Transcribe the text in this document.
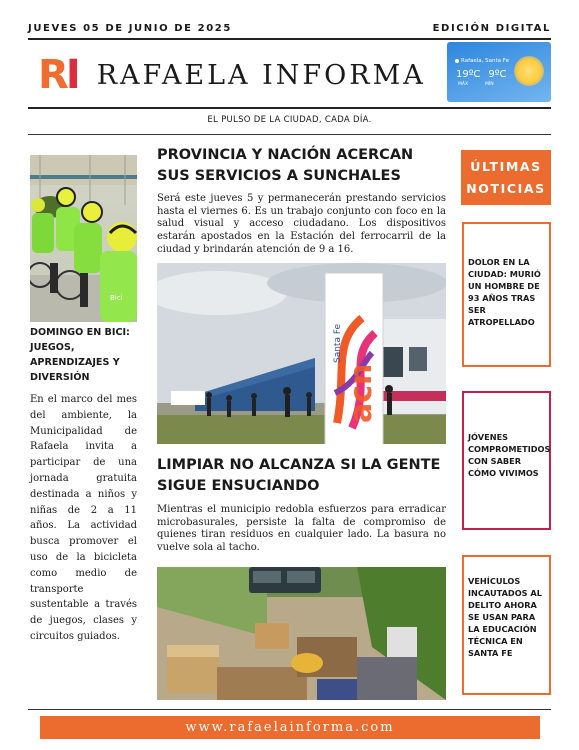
JUEVES 05 DE JUNIO DE 2025	EDICIÓN DIGITAL
R I RAFAELA INFORMA	Rafaela, Santa Fe
19ºC 9ºC
MÁX	MÍN
EL PULSO DE LA CIUDAD, CADA DÍA.
Bici
DOMINGO EN BICI: JUEGOS, APRENDIZAJES Y DIVERSIÓN
En el marco del mes del ambiente, la Municipalidad de Rafaela invita a participar de una jornada gratuita destinada a niños y niñas de 2 a 11 años. La actividad busca promover el uso de la bicicleta como medio de transporte sustentable a través de juegos, clases y circuitos guiados.
PROVINCIA Y NACIÓN ACERCAN SUS SERVICIOS A SUNCHALES
Será este jueves 5 y permanecerán prestando servicios hasta el viernes 6. Es un trabajo conjunto con foco en la salud visual y acceso ciudadano. Los dispositivos estarán apostados en la Estación del ferrocarril de la ciudad y brindarán atención de 9 a 16.
Santa Fe
acn
LIMPIAR NO ALCANZA SI LA GENTE SIGUE ENSUCIANDO
Mientras el municipio redobla esfuerzos para erradicar microbasurales, persiste la falta de compromiso de quienes tiran residuos en cualquier lado. La basura no vuelve sola al tacho.
ÚLTIMAS
NOTICIAS
DOLOR EN LA CIUDAD: MURIÓ UN HOMBRE DE 93 AÑOS TRAS SER ATROPELLADO
JÓVENES COMPROMETIDOS CON SABER CÓMO VIVIMOS
VEHÍCULOS INCAUTADOS AL DELITO AHORA SE USAN PARA LA EDUCACIÓN TÉCNICA EN SANTA FE
www.rafaelainforma.com
